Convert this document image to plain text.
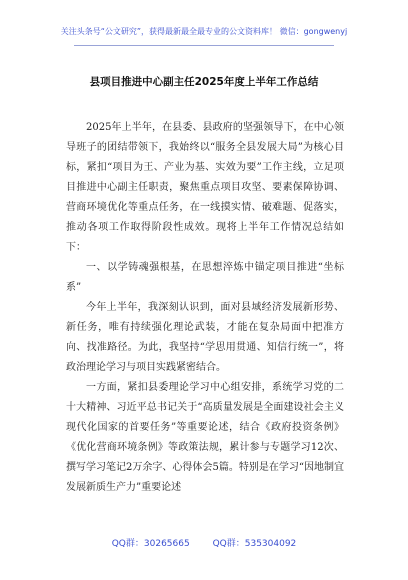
关注头条号“公文研究”，获得最新最全最专业的公文资料库！ 微信：gongwenyj
县项目推进中心副主任2025年度上半年工作总结

2025年上半年，在县委、县政府的坚强领导下，在中心领导班子的团结带领下，我始终以“服务全县发展大局”为核心目标，紧扣“项目为王、产业为基、实效为要”工作主线，立足项目推进中心副主任职责，聚焦重点项目攻坚、要素保障协调、营商环境优化等重点任务，在一线摸实情、破难题、促落实，推动各项工作取得阶段性成效。现将上半年工作情况总结如下：

一、以学铸魂强根基，在思想淬炼中锚定项目推进“坐标系”

今年上半年，我深刻认识到，面对县域经济发展新形势、新任务，唯有持续强化理论武装，才能在复杂局面中把准方向、找准路径。为此，我坚持“学思用贯通、知信行统一”，将政治理论学习与项目实践紧密结合。

一方面，紧扣县委理论学习中心组安排，系统学习党的二十大精神、习近平总书记关于“高质量发展是全面建设社会主义现代化国家的首要任务”等重要论述，结合《政府投资条例》《优化营商环境条例》等政策法规，累计参与专题学习12次、撰写学习笔记2万余字、心得体会5篇。特别是在学习“因地制宜发展新质生产力”重要论述

QQ群：30265665	QQ群：535304092
